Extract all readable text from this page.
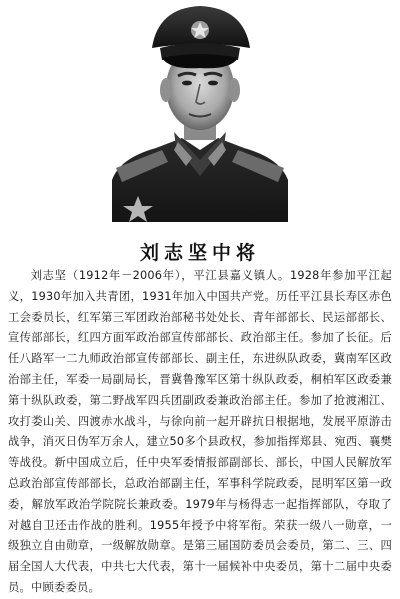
刘志坚中将

刘志坚（1912年－2006年），平江县嘉义镇人。1928年参加平江起义，1930年加入共青团，1931年加入中国共产党。历任平江县长寿区赤色工会委员长，红军第三军团政治部秘书处处长、青年部部长、民运部部长、宣传部部长，红四方面军政治部宣传部部长、政治部主任。参加了长征。后任八路军一二九师政治部宣传部部长、副主任，东进纵队政委，冀南军区政治部主任，军委一局副局长，晋冀鲁豫军区第十纵队政委，桐柏军区政委兼第十纵队政委，第二野战军四兵团副政委兼政治部主任。参加了抢渡湘江、攻打娄山关、四渡赤水战斗，与徐向前一起开辟抗日根据地，发展平原游击战争，消灭日伪军万余人，建立50多个县政权，参加指挥郑县、宛西、襄樊等战役。新中国成立后，任中央军委情报部副部长、部长，中国人民解放军总政治部宣传部部长，总政治部副主任，军事科学院政委，昆明军区第一政委，解放军政治学院院长兼政委。1979年与杨得志一起指挥部队，夺取了对越自卫还击作战的胜利。1955年授予中将军衔。荣获一级八一勋章，一级独立自由勋章，一级解放勋章。是第三届国防委员会委员，第二、三、四届全国人大代表，中共七大代表，第十一届候补中央委员，第十二届中央委员。中顾委委员。
